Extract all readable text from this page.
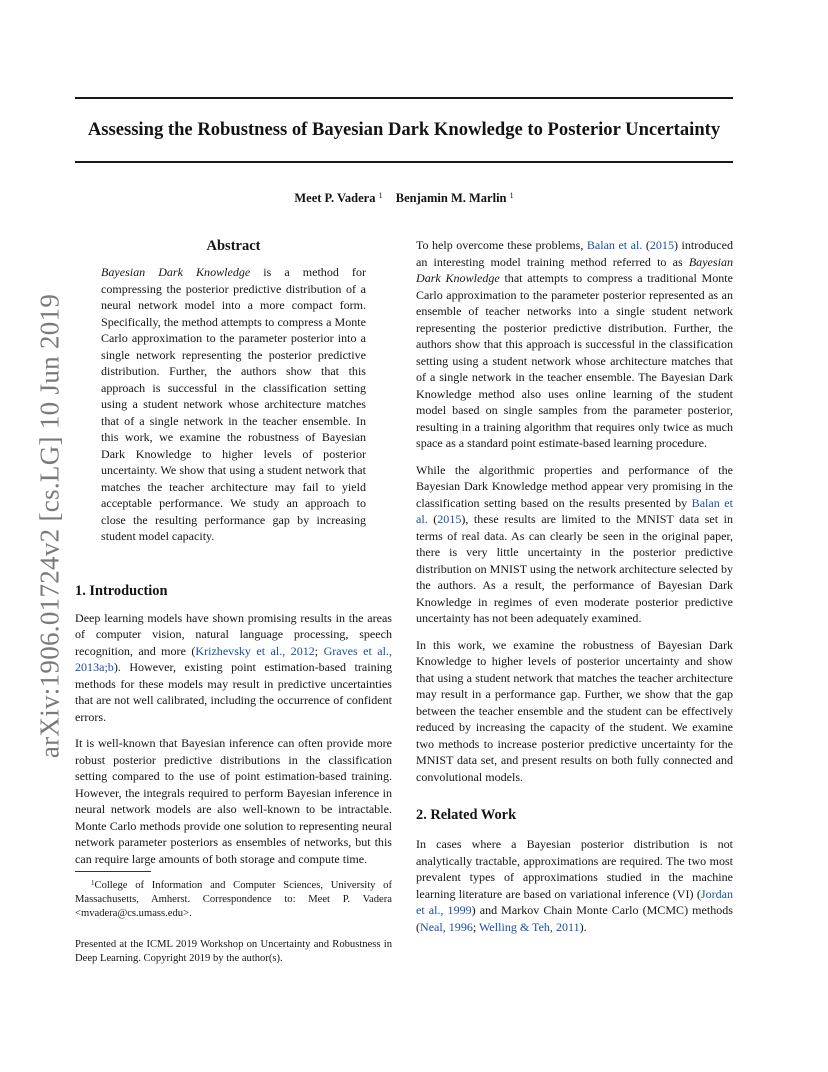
Assessing the Robustness of Bayesian Dark Knowledge to Posterior Uncertainty
Meet P. Vadera $^1$ Benjamin M. Marlin $^1$
arXiv:1906.01724v2 [cs.LG] 10 Jun 2019
Abstract

Bayesian Dark Knowledge is a method for compressing the posterior predictive distribution of a neural network model into a more compact form. Specifically, the method attempts to compress a Monte Carlo approximation to the parameter posterior into a single network representing the posterior predictive distribution. Further, the authors show that this approach is successful in the classification setting using a student network whose architecture matches that of a single network in the teacher ensemble. In this work, we examine the robustness of Bayesian Dark Knowledge to higher levels of posterior uncertainty. We show that using a student network that matches the teacher architecture may fail to yield acceptable performance. We study an approach to close the resulting performance gap by increasing student model capacity.

1. Introduction

Deep learning models have shown promising results in the areas of computer vision, natural language processing, speech recognition, and more (Krizhevsky et al., 2012; Graves et al., 2013a;b). However, existing point estimation-based training methods for these models may result in predictive uncertainties that are not well calibrated, including the occurrence of confident errors.

It is well-known that Bayesian inference can often provide more robust posterior predictive distributions in the classification setting compared to the use of point estimation-based training. However, the integrals required to perform Bayesian inference in neural network models are also well-known to be intractable. Monte Carlo methods provide one solution to representing neural network parameter posteriors as ensembles of networks, but this can require large amounts of both storage and compute time.

$^1$College of Information and Computer Sciences, University of Massachusetts, Amherst. Correspondence to: Meet P. Vadera <mvadera@cs.umass.edu>.

Presented at the ICML 2019 Workshop on Uncertainty and Robustness in Deep Learning. Copyright 2019 by the author(s).

To help overcome these problems, Balan et al. (2015) introduced an interesting model training method referred to as Bayesian Dark Knowledge that attempts to compress a traditional Monte Carlo approximation to the parameter posterior represented as an ensemble of teacher networks into a single student network representing the posterior predictive distribution. Further, the authors show that this approach is successful in the classification setting using a student network whose architecture matches that of a single network in the teacher ensemble. The Bayesian Dark Knowledge method also uses online learning of the student model based on single samples from the parameter posterior, resulting in a training algorithm that requires only twice as much space as a standard point estimate-based learning procedure.

While the algorithmic properties and performance of the Bayesian Dark Knowledge method appear very promising in the classification setting based on the results presented by Balan et al. (2015), these results are limited to the MNIST data set in terms of real data. As can clearly be seen in the original paper, there is very little uncertainty in the posterior predictive distribution on MNIST using the network architecture selected by the authors. As a result, the performance of Bayesian Dark Knowledge in regimes of even moderate posterior predictive uncertainty has not been adequately examined.

In this work, we examine the robustness of Bayesian Dark Knowledge to higher levels of posterior uncertainty and show that using a student network that matches the teacher architecture may result in a performance gap. Further, we show that the gap between the teacher ensemble and the student can be effectively reduced by increasing the capacity of the student. We examine two methods to increase posterior predictive uncertainty for the MNIST data set, and present results on both fully connected and convolutional models.

2. Related Work

In cases where a Bayesian posterior distribution is not analytically tractable, approximations are required. The two most prevalent types of approximations studied in the machine learning literature are based on variational inference (VI) (Jordan et al., 1999) and Markov Chain Monte Carlo (MCMC) methods (Neal, 1996; Welling & Teh, 2011).
